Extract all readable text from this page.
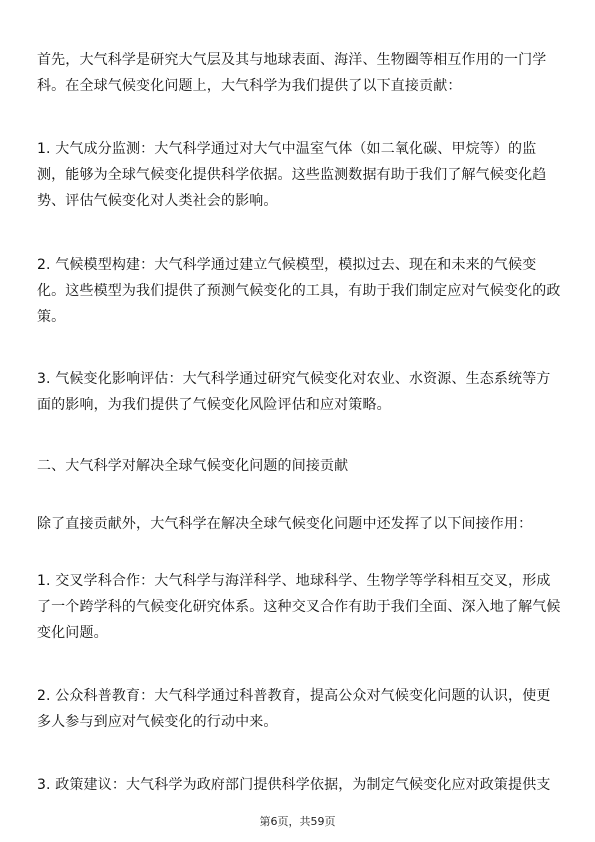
首先，大气科学是研究大气层及其与地球表面、海洋、生物圈等相互作用的一门学科。在全球气候变化问题上，大气科学为我们提供了以下直接贡献：

1. 大气成分监测：大气科学通过对大气中温室气体（如二氧化碳、甲烷等）的监测，能够为全球气候变化提供科学依据。这些监测数据有助于我们了解气候变化趋势、评估气候变化对人类社会的影响。

2. 气候模型构建：大气科学通过建立气候模型，模拟过去、现在和未来的气候变化。这些模型为我们提供了预测气候变化的工具，有助于我们制定应对气候变化的政策。

3. 气候变化影响评估：大气科学通过研究气候变化对农业、水资源、生态系统等方面的影响，为我们提供了气候变化风险评估和应对策略。

二、大气科学对解决全球气候变化问题的间接贡献

除了直接贡献外，大气科学在解决全球气候变化问题中还发挥了以下间接作用：

1. 交叉学科合作：大气科学与海洋科学、地球科学、生物学等学科相互交叉，形成了一个跨学科的气候变化研究体系。这种交叉合作有助于我们全面、深入地了解气候变化问题。

2. 公众科普教育：大气科学通过科普教育，提高公众对气候变化问题的认识，使更多人参与到应对气候变化的行动中来。

3. 政策建议：大气科学为政府部门提供科学依据，为制定气候变化应对政策提供支

第6页，共59页
